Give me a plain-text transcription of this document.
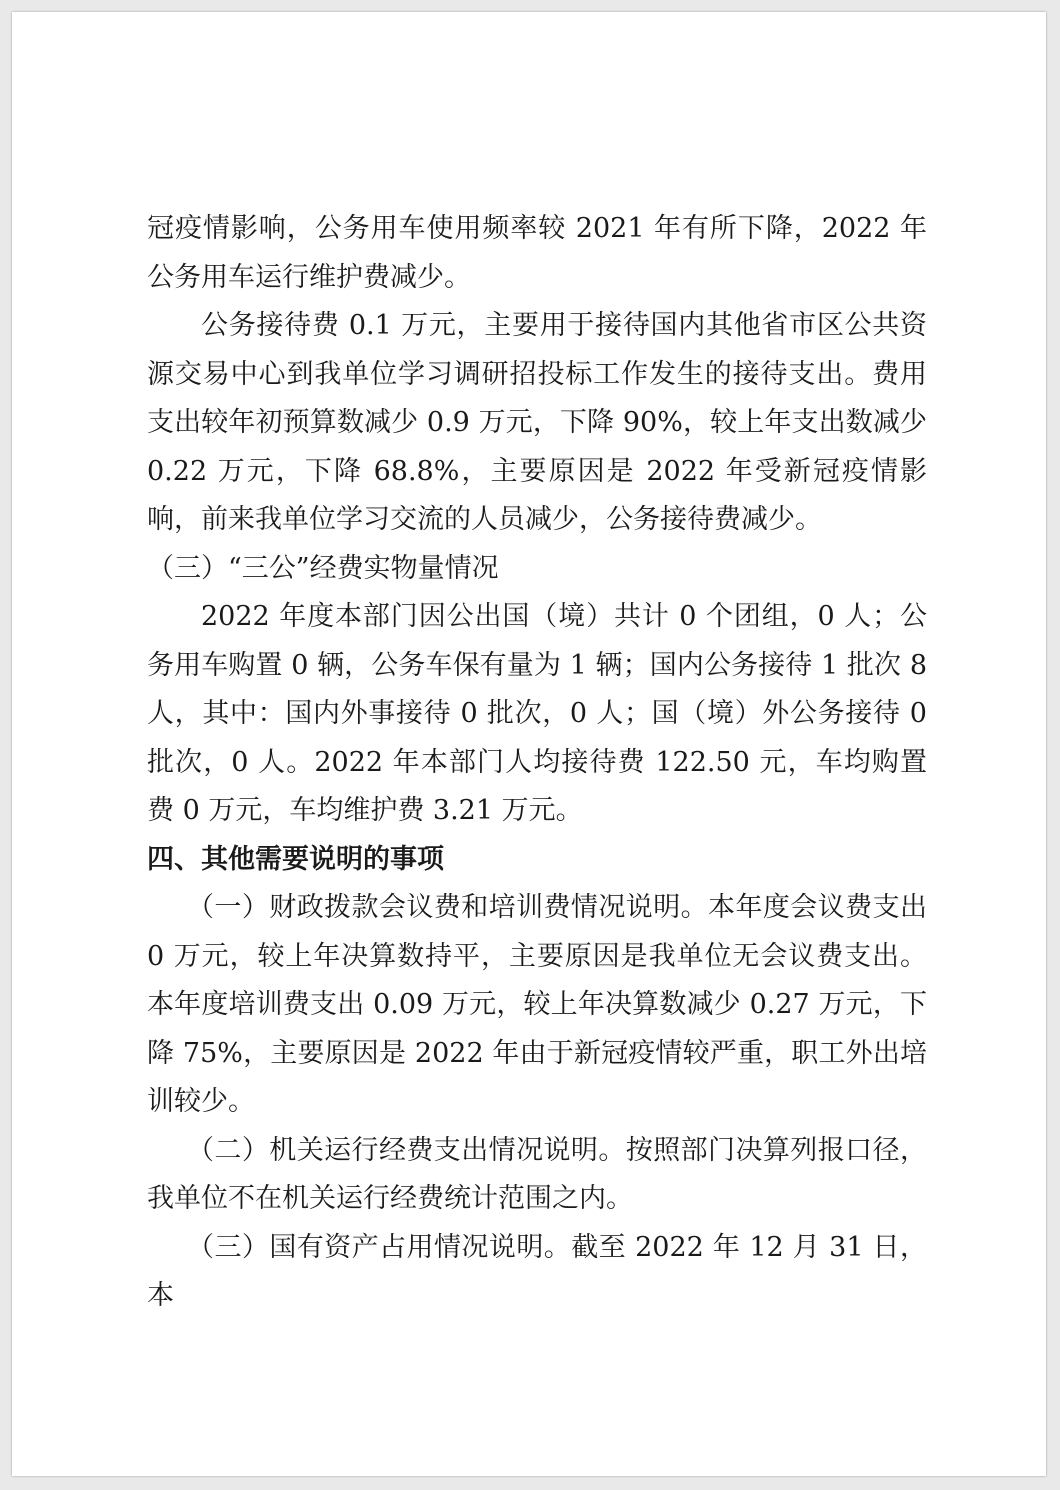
冠疫情影响，公务用车使用频率较 2021 年有所下降，2022 年公务用车运行维护费减少。

公务接待费 0.1 万元，主要用于接待国内其他省市区公共资源交易中心到我单位学习调研招投标工作发生的接待支出。费用支出较年初预算数减少 0.9 万元，下降 90%，较上年支出数减少 0.22 万元，下降 68.8%，主要原因是 2022 年受新冠疫情影响，前来我单位学习交流的人员减少，公务接待费减少。

（三）“三公”经费实物量情况

2022 年度本部门因公出国（境）共计 0 个团组，0 人；公务用车购置 0 辆，公务车保有量为 1 辆；国内公务接待 1 批次 8 人，其中：国内外事接待 0 批次，0 人；国（境）外公务接待 0 批次，0 人。2022 年本部门人均接待费 122.50 元，车均购置费 0 万元，车均维护费 3.21 万元。

四、其他需要说明的事项

（一）财政拨款会议费和培训费情况说明。本年度会议费支出 0 万元，较上年决算数持平，主要原因是我单位无会议费支出。本年度培训费支出 0.09 万元，较上年决算数减少 0.27 万元，下降 75%，主要原因是 2022 年由于新冠疫情较严重，职工外出培训较少。

（二）机关运行经费支出情况说明。按照部门决算列报口径，我单位不在机关运行经费统计范围之内。

（三）国有资产占用情况说明。截至 2022 年 12 月 31 日，本
